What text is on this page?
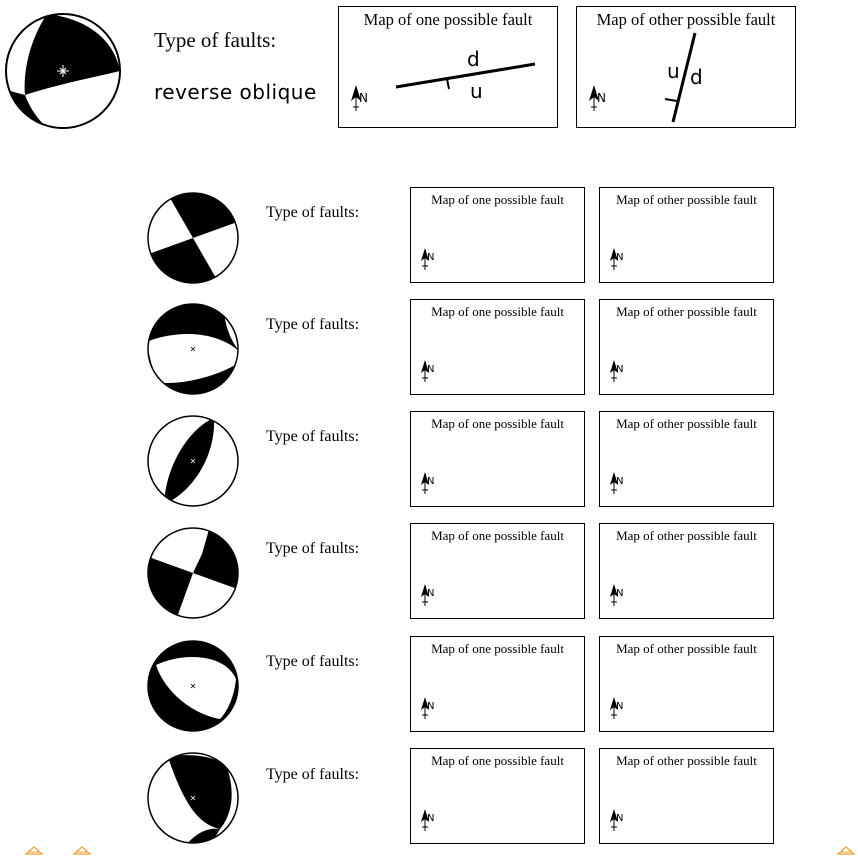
Type of faults:
reverse oblique
Map of one possible fault
N
d
u
Map of other possible fault
N
u d
Type of faults:
Map of one possible fault
N
Map of other possible fault
N
Type of faults:
Map of one possible fault
N
Map of other possible fault
N
Type of faults:
Map of one possible fault
N
Map of other possible fault
N
Type of faults:
Map of one possible fault
N
Map of other possible fault
N
Type of faults:
Map of one possible fault
N
Map of other possible fault
N
Type of faults:
Map of one possible fault
N
Map of other possible fault
N
